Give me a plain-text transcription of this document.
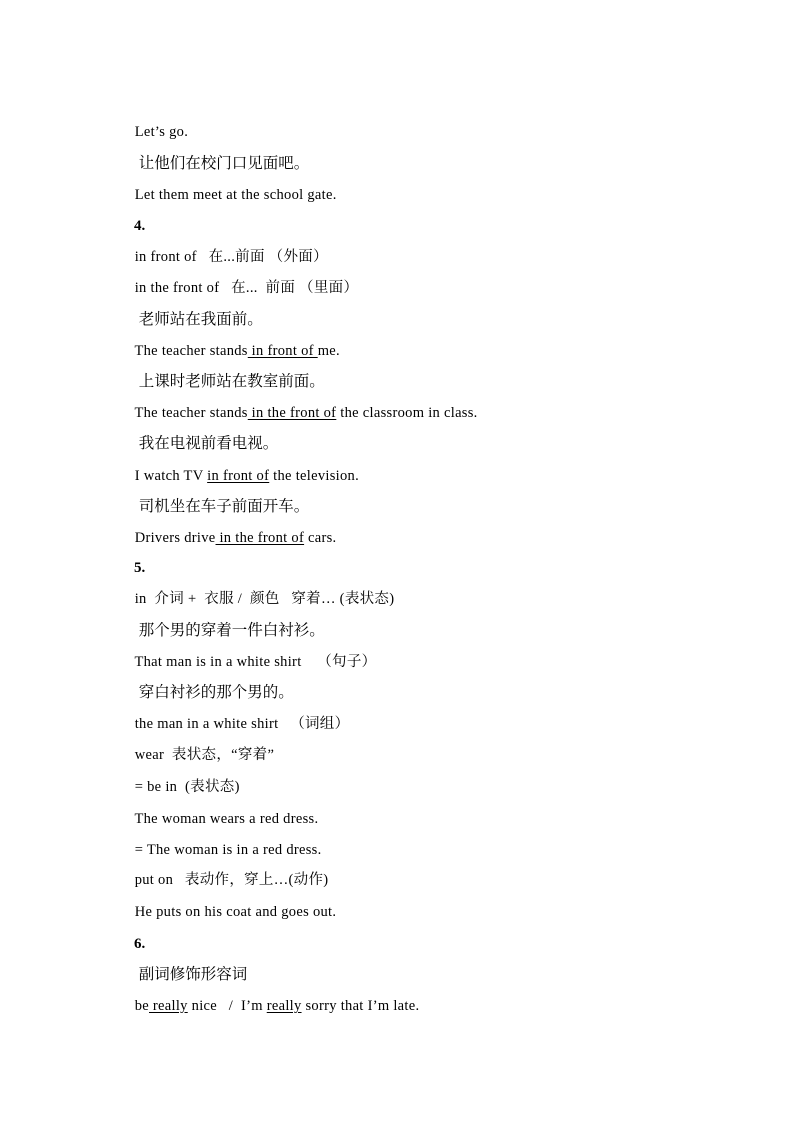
Let’s go.

让他们在校门口见面吧。

Let them meet at the school gate.

4.

in front of   在...前面 （外面）

in the front of   在...  前面 （里面）

老师站在我面前。

The teacher stands in front of me.

上课时老师站在教室前面。

The teacher stands in the front of the classroom in class.

我在电视前看电视。

I watch TV in front of the television.

司机坐在车子前面开车。

Drivers drive in the front of cars.

5.

in  介词 +  衣服 /  颜色   穿着… (表状态)

那个男的穿着一件白衬衫。

That man is in a white shirt    （句子）

穿白衬衫的那个男的。

the man in a white shirt   （词组）

wear  表状态，“穿着”

= be in  (表状态)

The woman wears a red dress.

= The woman is in a red dress.

put on   表动作，穿上…(动作)

He puts on his coat and goes out.

6.

副词修饰形容词

be really nice   /  I’m really sorry that I’m late.
